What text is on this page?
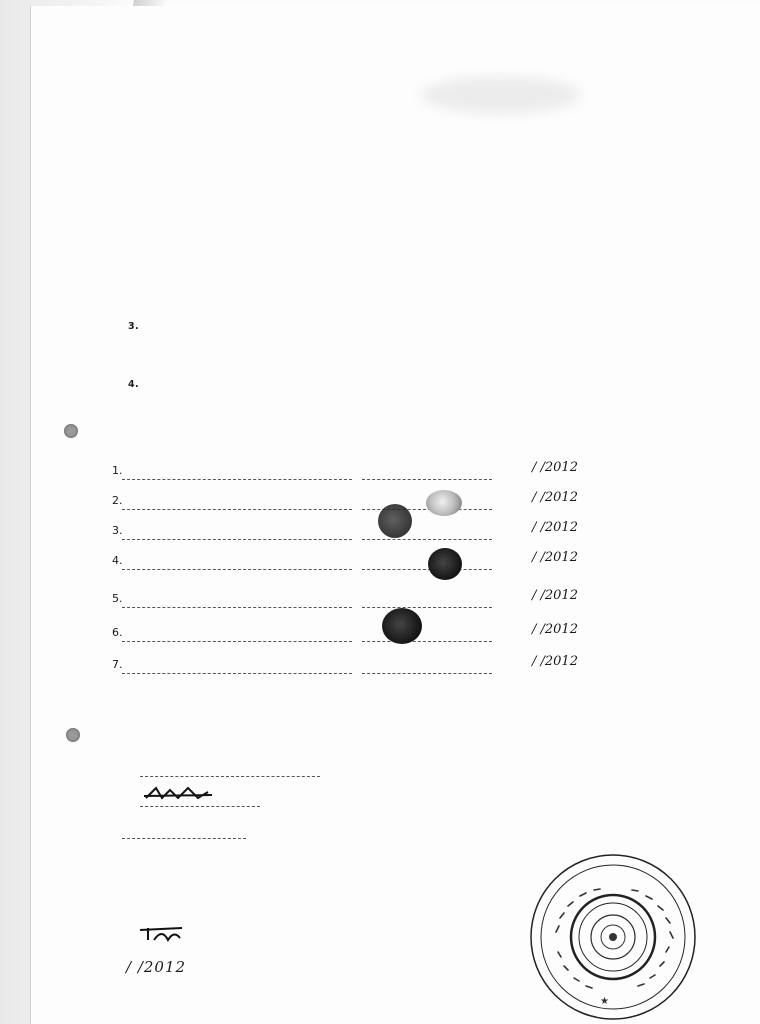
3.
4.
1.	/ /2012
2.	/ /2012
3.	/ /2012
4.	/ /2012
5.	/ /2012
6.	/ /2012
7.	/ /2012
/ /2012
★
